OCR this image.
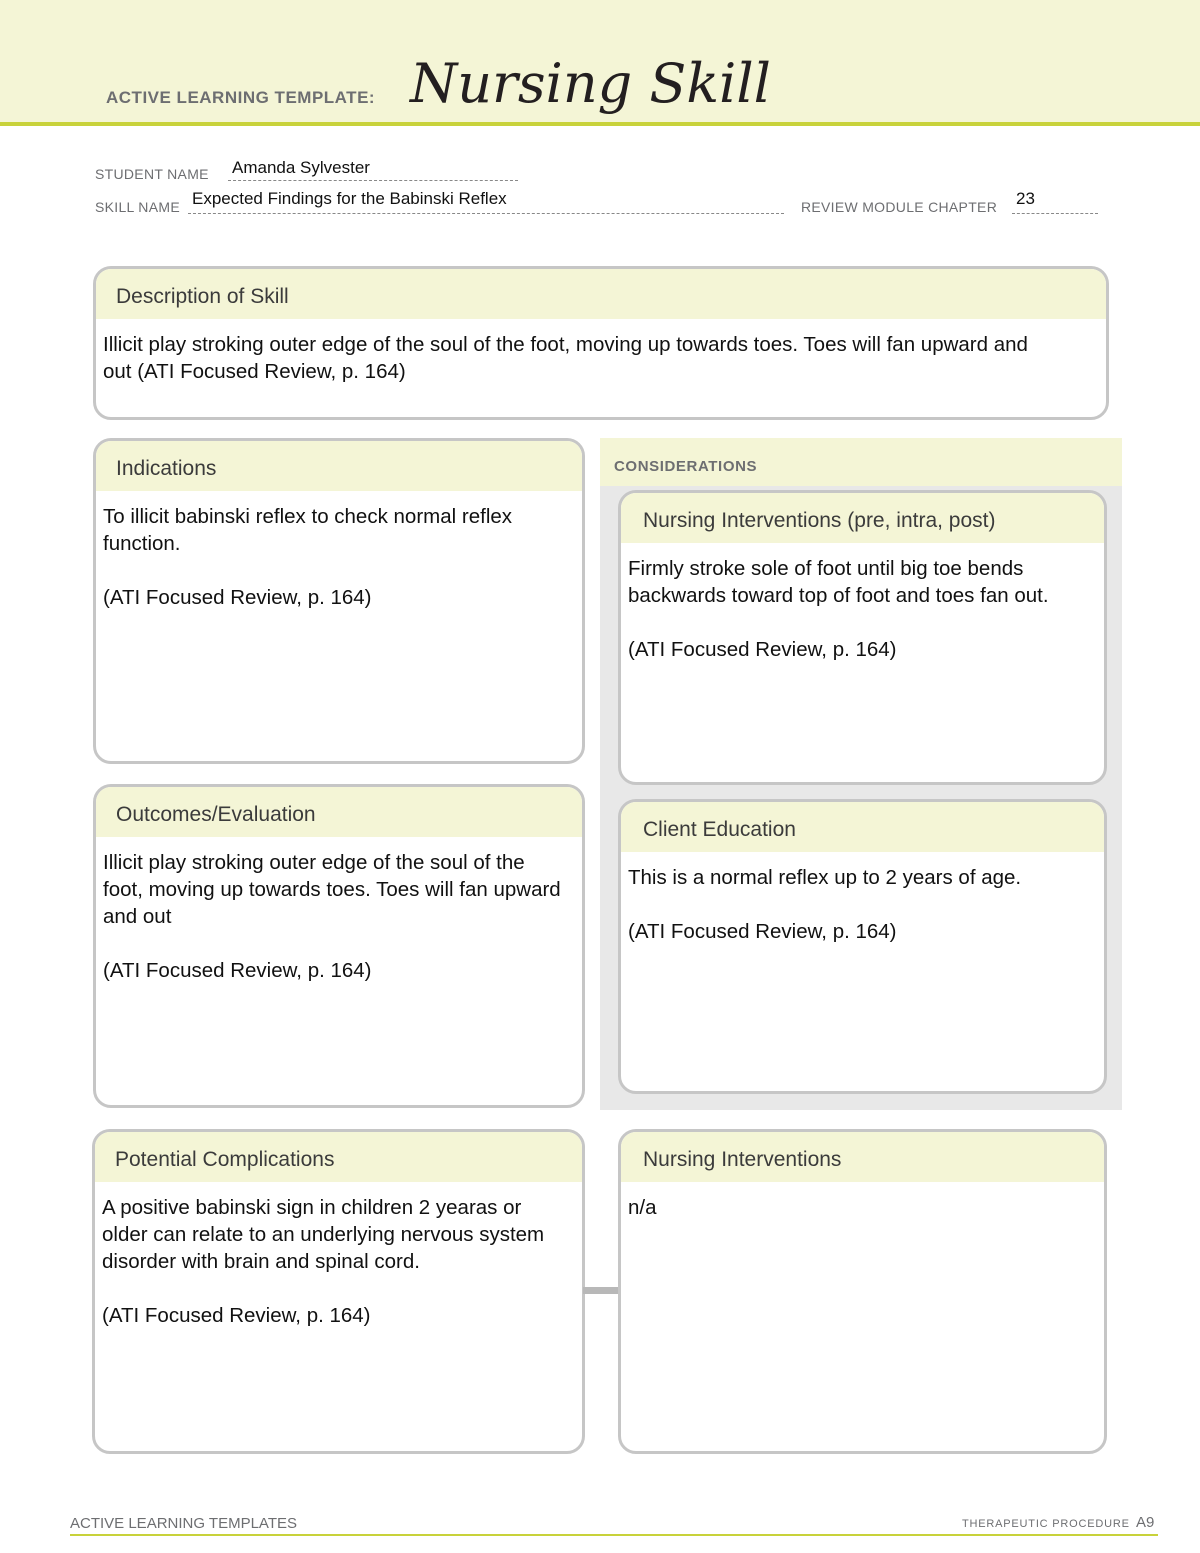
ACTIVE LEARNING TEMPLATE: Nursing Skill
STUDENT NAME Amanda Sylvester
SKILL NAME Expected Findings for the Babinski Reflex	REVIEW MODULE CHAPTER 23
Description of Skill
Illicit play stroking outer edge of the soul of the foot, moving up towards toes. Toes will fan upward and out (ATI Focused Review, p. 164)
Indications
To illicit babinski reflex to check normal reflex function.

(ATI Focused Review, p. 164)
Outcomes/Evaluation
Illicit play stroking outer edge of the soul of the foot, moving up towards toes. Toes will fan upward and out

(ATI Focused Review, p. 164)
CONSIDERATIONS
Nursing Interventions (pre, intra, post)
Firmly stroke sole of foot until big toe bends backwards toward top of foot and toes fan out.

(ATI Focused Review, p. 164)
Client Education
This is a normal reflex up to 2 years of age.

(ATI Focused Review, p. 164)
Potential Complications
A positive babinski sign in children 2 yearas or older can relate to an underlying nervous system disorder with brain and spinal cord.

(ATI Focused Review, p. 164)
Nursing Interventions
n/a
ACTIVE LEARNING TEMPLATES	THERAPEUTIC PROCEDURE A9
